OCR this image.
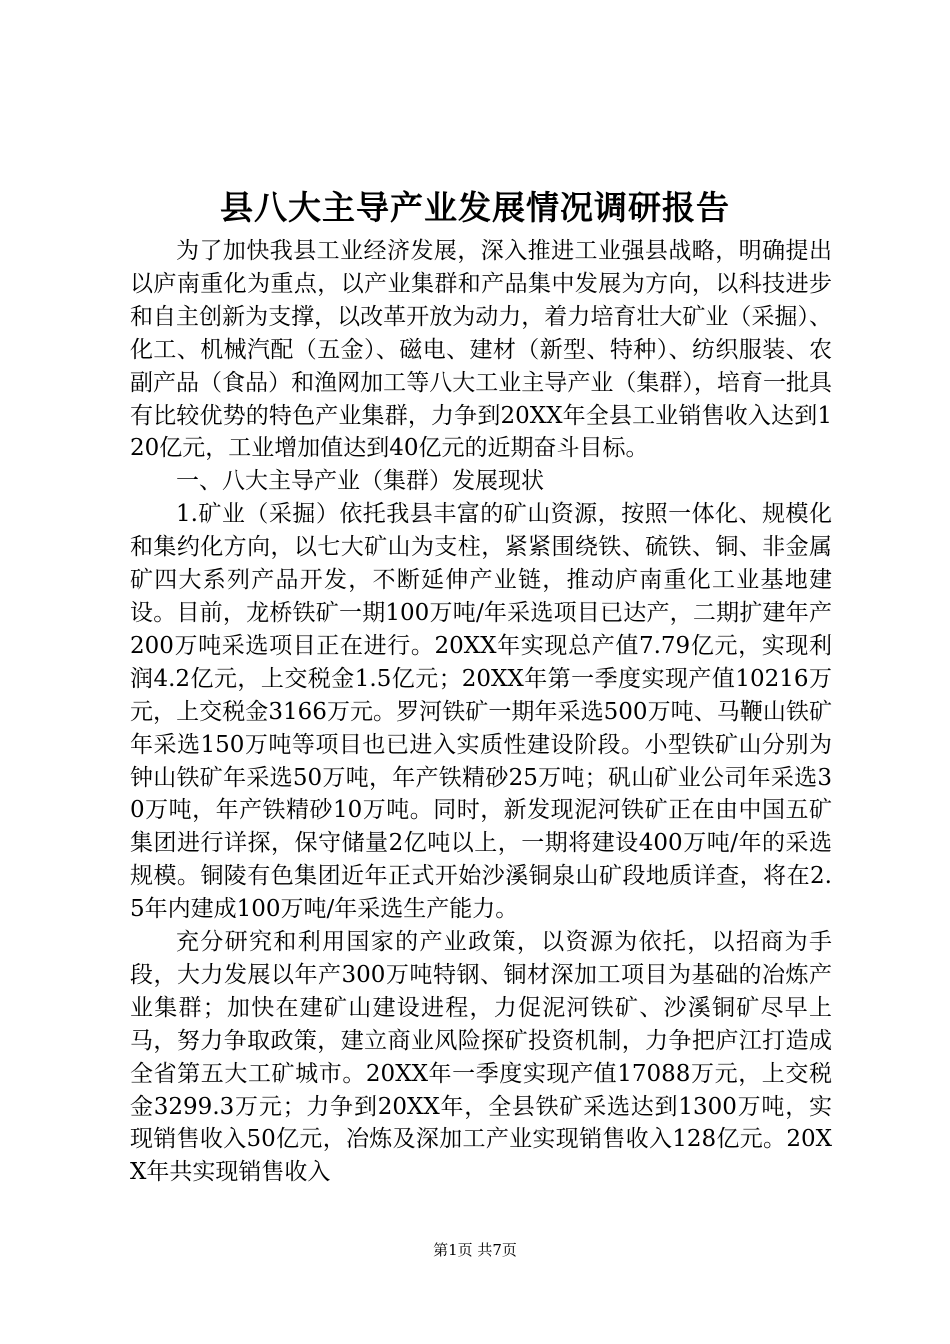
县八大主导产业发展情况调研报告

为了加快我县工业经济发展，深入推进工业强县战略，明确提出以庐南重化为重点，以产业集群和产品集中发展为方向，以科技进步和自主创新为支撑，以改革开放为动力，着力培育壮大矿业（采掘）、化工、机械汽配（五金）、磁电、建材（新型、特种）、纺织服装、农副产品（食品）和渔网加工等八大工业主导产业（集群），培育一批具有比较优势的特色产业集群，力争到20XX年全县工业销售收入达到120亿元，工业增加值达到40亿元的近期奋斗目标。

一、八大主导产业（集群）发展现状

1.矿业（采掘）依托我县丰富的矿山资源，按照一体化、规模化和集约化方向，以七大矿山为支柱，紧紧围绕铁、硫铁、铜、非金属矿四大系列产品开发，不断延伸产业链，推动庐南重化工业基地建设。目前，龙桥铁矿一期100万吨/年采选项目已达产，二期扩建年产200万吨采选项目正在进行。20XX年实现总产值7.79亿元，实现利润4.2亿元，上交税金1.5亿元；20XX年第一季度实现产值10216万元，上交税金3166万元。罗河铁矿一期年采选500万吨、马鞭山铁矿年采选150万吨等项目也已进入实质性建设阶段。小型铁矿山分别为钟山铁矿年采选50万吨，年产铁精砂25万吨；矾山矿业公司年采选30万吨，年产铁精砂10万吨。同时，新发现泥河铁矿正在由中国五矿集团进行详探，保守储量2亿吨以上，一期将建设400万吨/年的采选规模。铜陵有色集团近年正式开始沙溪铜泉山矿段地质详查，将在2.5年内建成100万吨/年采选生产能力。

充分研究和利用国家的产业政策，以资源为依托，以招商为手段，大力发展以年产300万吨特钢、铜材深加工项目为基础的冶炼产业集群；加快在建矿山建设进程，力促泥河铁矿、沙溪铜矿尽早上马，努力争取政策，建立商业风险探矿投资机制，力争把庐江打造成全省第五大工矿城市。20XX年一季度实现产值17088万元，上交税金3299.3万元；力争到20XX年，全县铁矿采选达到1300万吨，实现销售收入50亿元，冶炼及深加工产业实现销售收入128亿元。20XX年共实现销售收入

第1页 共7页
